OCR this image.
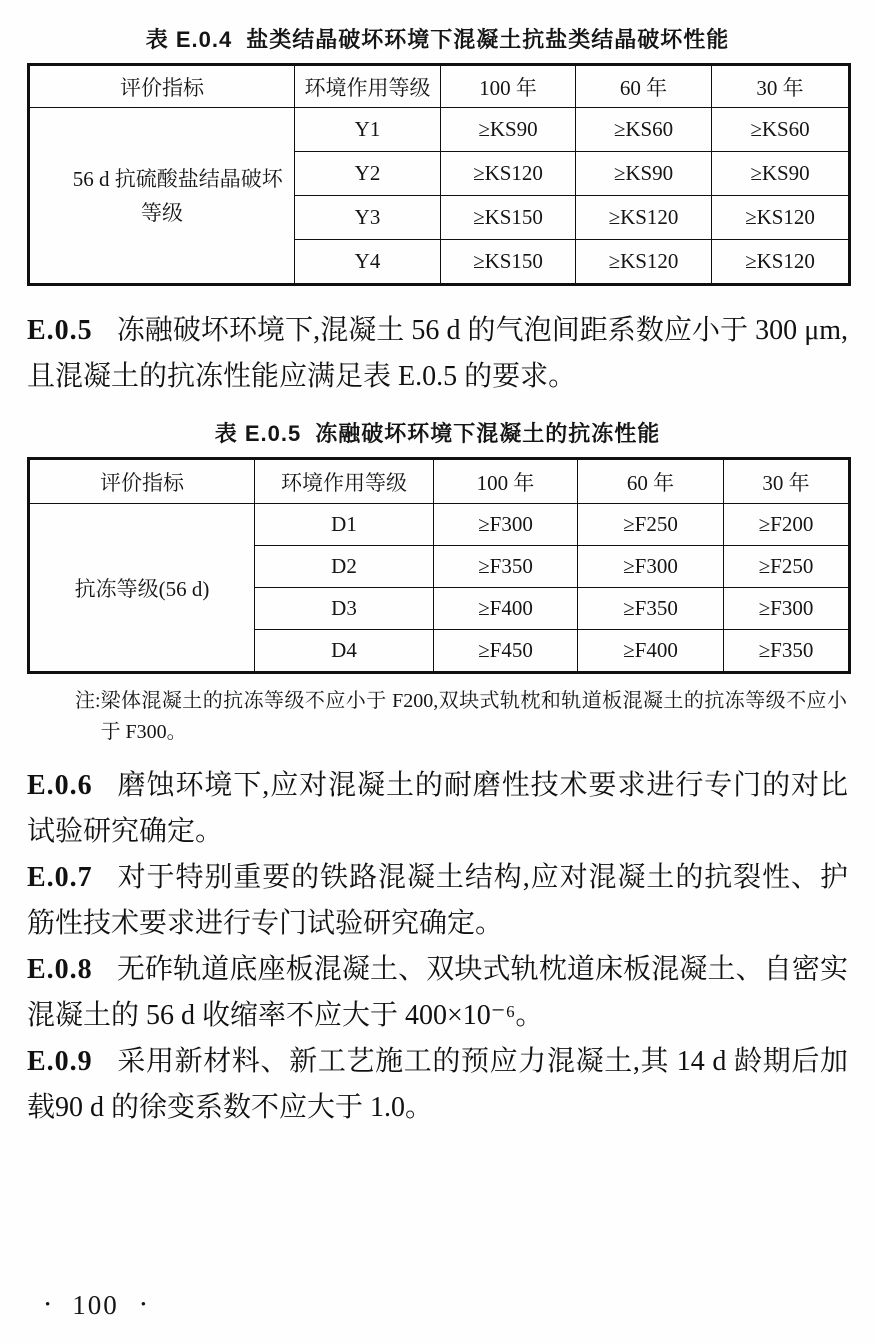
表 E.0.4 盐类结晶破坏环境下混凝土抗盐类结晶破坏性能
评价指标	环境作用等级	100 年	60 年	30 年

56 d 抗硫酸盐结晶破坏等级	Y1	≥KS90	≥KS60	≥KS60
	Y2	≥KS120	≥KS90	≥KS90
	Y3	≥KS150	≥KS120	≥KS120
	Y4	≥KS150	≥KS120	≥KS120

E.0.5 冻融破坏环境下,混凝土 56 d 的气泡间距系数应小于 300 μm,且混凝土的抗冻性能应满足表 E.0.5 的要求。

表 E.0.5 冻融破坏环境下混凝土的抗冻性能
评价指标	环境作用等级	100 年	60 年	30 年
抗冻等级(56 d)	D1	≥F300	≥F250	≥F200
	D2	≥F350	≥F300	≥F250
	D3	≥F400	≥F350	≥F300
	D4	≥F450	≥F400	≥F350
注: 梁体混凝土的抗冻等级不应小于 F200,双块式轨枕和轨道板混凝土的抗冻等级不应小于 F300。

E.0.6 磨蚀环境下,应对混凝土的耐磨性技术要求进行专门的对比试验研究确定。

E.0.7 对于特别重要的铁路混凝土结构,应对混凝土的抗裂性、护筋性技术要求进行专门试验研究确定。

E.0.8 无砟轨道底座板混凝土、双块式轨枕道床板混凝土、自密实混凝土的 56 d 收缩率不应大于 400×10⁻⁶。

E.0.9 采用新材料、新工艺施工的预应力混凝土,其 14 d 龄期后加载90 d 的徐变系数不应大于 1.0。

• 100 •
